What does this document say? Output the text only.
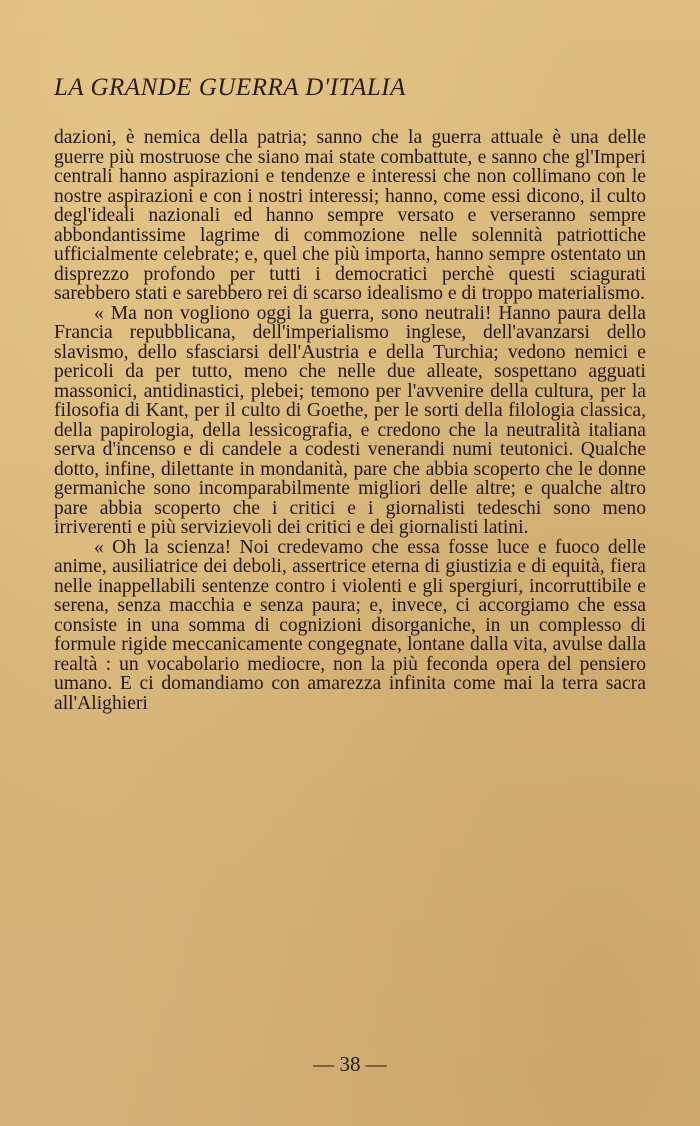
LA GRANDE GUERRA D'ITALIA

dazioni, è nemica della patria; sanno che la guerra attuale è una delle guerre più mostruose che siano mai state combattute, e sanno che gl'Imperi centrali hanno aspirazioni e tendenze e interessi che non collimano con le nostre aspirazioni e con i nostri interessi; hanno, come essi dicono, il culto degl'ideali nazionali ed hanno sempre versato e verseranno sempre abbondantissime lagrime di commozione nelle solennità patriottiche ufficialmente celebrate; e, quel che più importa, hanno sempre ostentato un disprezzo profondo per tutti i democratici perchè questi sciagurati sarebbero stati e sarebbero rei di scarso idealismo e di troppo materialismo.

« Ma non vogliono oggi la guerra, sono neutrali! Hanno paura della Francia repubblicana, dell'imperialismo inglese, dell'avanzarsi dello slavismo, dello sfasciarsi dell'Austria e della Turchia; vedono nemici e pericoli da per tutto, meno che nelle due alleate, sospettano agguati massonici, antidinastici, plebei; temono per l'avvenire della cultura, per la filosofia di Kant, per il culto di Goethe, per le sorti della filologia classica, della papirologia, della lessicografia, e credono che la neutralità italiana serva d'incenso e di candele a codesti venerandi numi teutonici. Qualche dotto, infine, dilettante in mondanità, pare che abbia scoperto che le donne germaniche sono incomparabilmente migliori delle altre; e qualche altro pare abbia scoperto che i critici e i giornalisti tedeschi sono meno irriverenti e più servizievoli dei critici e dei giornalisti latini.

« Oh la scienza! Noi credevamo che essa fosse luce e fuoco delle anime, ausiliatrice dei deboli, assertrice eterna di giustizia e di equità, fiera nelle inappellabili sentenze contro i violenti e gli spergiuri, incorruttibile e serena, senza macchia e senza paura; e, invece, ci accorgiamo che essa consiste in una somma di cognizioni disorganiche, in un complesso di formule rigide meccanicamente congegnate, lontane dalla vita, avulse dalla realtà : un vocabolario mediocre, non la più feconda opera del pensiero umano. E ci domandiamo con amarezza infinita come mai la terra sacra all'Alighieri

— 38 —
